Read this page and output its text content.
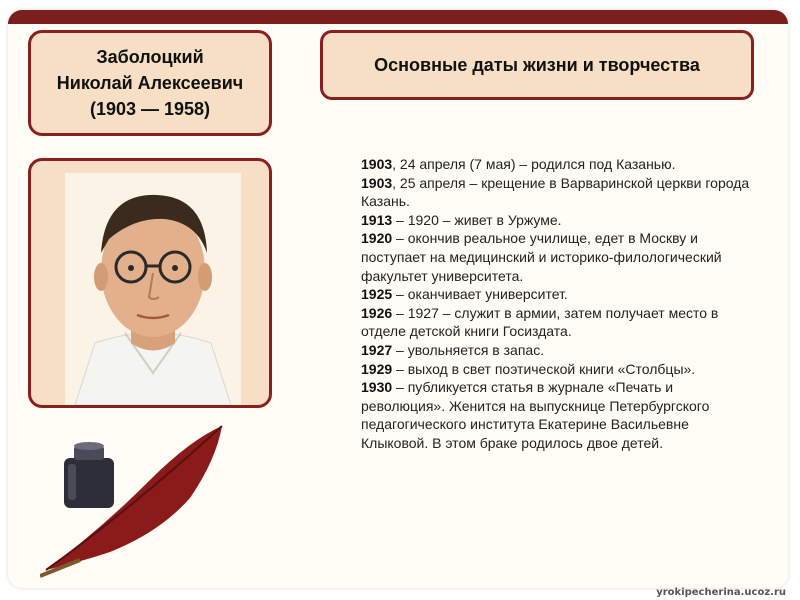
Заболоцкий
Николай Алексеевич
(1903 — 1958)
Основные даты жизни и творчества

1903, 24 апреля (7 мая) – родился под Казанью.

1903, 25 апреля – крещение в Варваринской церкви города Казань.

1913 – 1920 – живет в Уржуме.

1920 – окончив реальное училище, едет в Москву и поступает на медицинский и историко-филологический факультет университета.

1925 – оканчивает университет.

1926 – 1927 – служит в армии, затем получает место в отделе детской книги Госиздата.

1927 – увольняется в запас.

1929 – выход в свет поэтической книги «Столбцы».

1930 – публикуется статья в журнале «Печать и революция». Женится на выпускнице Петербургского педагогического института Екатерине Васильевне Клыковой. В этом браке родилось двое детей.

yrokipecherina.ucoz.ru
